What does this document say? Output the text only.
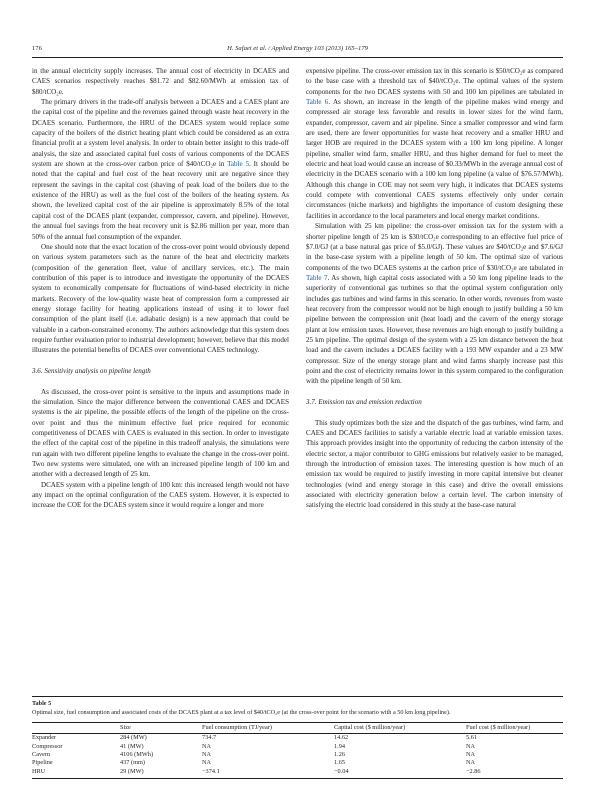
176	H. Safaei et al. / Applied Energy 103 (2013) 165–179

in the annual electricity supply increases. The annual cost of electricity in DCAES and CAES scenarios respectively reaches $81.72 and $82.60/MWh at emission tax of $80/tCO₂e.

The primary drivers in the trade-off analysis between a DCAES and a CAES plant are the capital cost of the pipeline and the revenues gained through waste heat recovery in the DCAES scenario. Furthermore, the HRU of the DCAES system would replace some capacity of the boilers of the district heating plant which could be considered as an extra financial profit at a system level analysis. In order to obtain better insight to this trade-off analysis, the size and associated capital fuel costs of various components of the DCAES system are shown at the cross-over carbon price of $40/tCO₂e in Table 5. It should be noted that the capital and fuel cost of the heat recovery unit are negative since they represent the savings in the capital cost (shaving of peak load of the boilers due to the existence of the HRU) as well as the fuel cost of the boilers of the heating system. As shown, the levelized capital cost of the air pipeline is approximately 8.5% of the total capital cost of the DCAES plant (expander, compressor, cavern, and pipeline). However, the annual fuel savings from the heat recovery unit is $2.86 million per year, more than 50% of the annual fuel consumption of the expander.

One should note that the exact location of the cross-over point would obviously depend on various system parameters such as the nature of the heat and electricity markets (composition of the generation fleet, value of ancillary services, etc.). The main contribution of this paper is to introduce and investigate the opportunity of the DCAES system to economically compensate for fluctuations of wind-based electricity in niche markets. Recovery of the low-quality waste heat of compression form a compressed air energy storage facility for heating applications instead of using it to lower fuel consumption of the plant itself (i.e. adiabatic design) is a new approach that could be valuable in a carbon-constrained economy. The authors acknowledge that this system does require further evaluation prior to industrial development; however, believe that this model illustrates the potential benefits of DCAES over conventional CAES technology.

3.6. Sensitivity analysis on pipeline length

As discussed, the cross-over point is sensitive to the inputs and assumptions made in the simulation. Since the major difference between the conventional CAES and DCAES systems is the air pipeline, the possible effects of the length of the pipeline on the cross-over point and thus the minimum effective fuel price required for economic competitiveness of DCAES with CAES is evaluated in this section. In order to investigate the effect of the capital cost of the pipeline in this tradeoff analysis, the simulations were run again with two different pipeline lengths to evaluate the change in the cross-over point. Two new systems were simulated, one with an increased pipeline length of 100 km and another with a decreased length of 25 km.

DCAES system with a pipeline length of 100 km: this increased length would not have any impact on the optimal configuration of the CAES system. However, it is expected to increase the COE for the DCAES system since it would require a longer and more

expensive pipeline. The cross-over emission tax in this scenario is $50/tCO₂e as compared to the base case with a threshold tax of $40/tCO₂e. The optimal values of the system components for the two DCAES systems with 50 and 100 km pipelines are tabulated in Table 6. As shown, an increase in the length of the pipeline makes wind energy and compressed air storage less favorable and results in lower sizes for the wind farm, expander, compressor, cavern and air pipeline. Since a smaller compressor and wind farm are used, there are fewer opportunities for waste heat recovery and a smaller HRU and larger HOB are required in the DCAES system with a 100 km long pipeline. A longer pipeline, smaller wind farm, smaller HRU, and thus higher demand for fuel to meet the electric and heat load would cause an increase of $0.33/MWh in the average annual cost of electricity in the DCAES scenario with a 100 km long pipeline (a value of $76.57/MWh). Although this change in COE may not seem very high, it indicates that DCAES systems could compete with conventional CAES systems effectively only under certain circumstances (niche markets) and highlights the importance of custom designing these facilities in accordance to the local parameters and local energy market conditions.

Simulation with 25 km pipeline: the cross-over emission tax for the system with a shorter pipeline length of 25 km is $30/tCO₂e corresponding to an effective fuel price of $7.0/GJ (at a base natural gas price of $5.0/GJ). These values are $40/tCO₂e and $7.6/GJ in the base-case system with a pipeline length of 50 km. The optimal size of various components of the two DCAES systems at the carbon price of $30/tCO₂e are tabulated in Table 7. As shown, high capital costs associated with a 50 km long pipeline leads to the superiority of conventional gas turbines so that the optimal system configuration only includes gas turbines and wind farms in this scenario. In other words, revenues from waste heat recovery from the compressor would not be high enough to justify building a 50 km pipeline between the compression unit (heat load) and the cavern of the energy storage plant at low emission taxes. However, these revenues are high enough to justify building a 25 km pipeline. The optimal design of the system with a 25 km distance between the heat load and the cavern includes a DCAES facility with a 193 MW expander and a 23 MW compressor. Size of the energy storage plant and wind farms sharply increase past this point and the cost of electricity remains lower in this system compared to the configuration with the pipeline length of 50 km.

3.7. Emission tax and emission reduction

This study optimizes both the size and the dispatch of the gas turbines, wind farm, and CAES and DCAES facilities to satisfy a variable electric load at variable emission taxes. This approach provides insight into the opportunity of reducing the carbon intensity of the electric sector, a major contributor to GHG emissions but relatively easier to be managed, through the introduction of emission taxes. The interesting question is how much of an emission tax would be required to justify investing in more capital intensive but cleaner technologies (wind and energy storage in this case) and drive the overall emissions associated with electricity generation below a certain level. The carbon intensity of satisfying the electric load considered in this study at the base-case natural

Table 5
Optimal size, fuel consumption and associated costs of the DCAES plant at a tax level of $40/tCO₂e (at the cross-over point for the scenario with a 50 km long pipeline).
	Size	Fuel consumption (TJ/year)	Capital cost ($ million/year)	Fuel cost ($ million/year)
Expander	284 (MW)	734.7	14.62	5.61
Compressor	41 (MW)	NA	1.94	NA
Cavern	4106 (MWh)	NA	1.26	NA
Pipeline	437 (mm)	NA	1.65	NA
HRU	29 (MW)	−374.1	−0.04	−2.86
